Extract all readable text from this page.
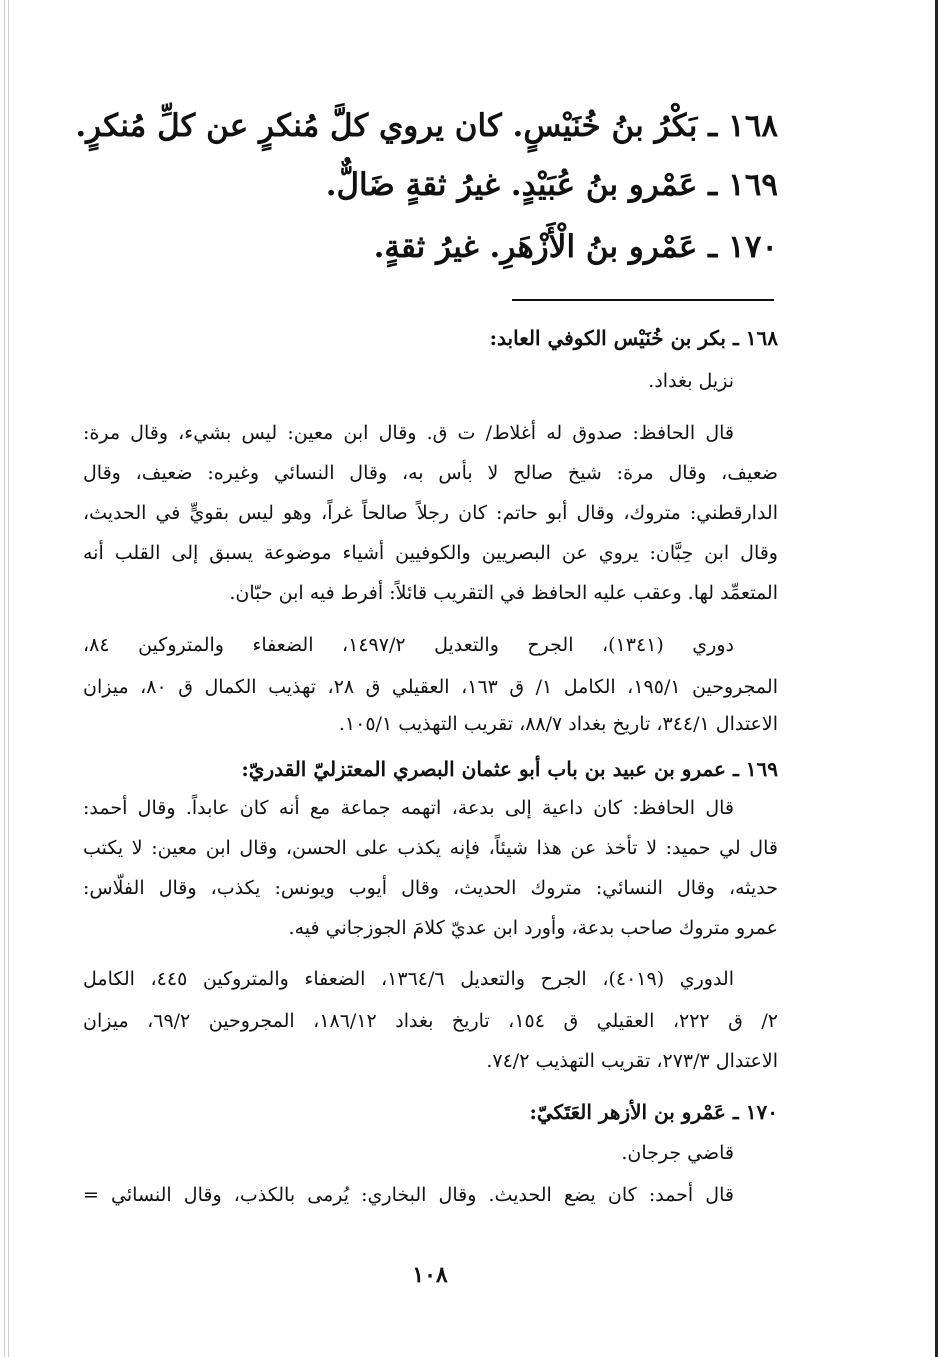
١٦٨ ـ بَكْرُ بنُ خُنَيْسٍ. كان يروي كلَّ مُنكرٍ عن كلِّ مُنكرٍ.
١٦٩ ـ عَمْرو بنُ عُبَيْدٍ. غيرُ ثقةٍ ضَالٌّ.
١٧٠ ـ عَمْرو بنُ الْأَزْهَرِ. غيرُ ثقةٍ.
١٦٨ ـ بكر بن خُنَيْس الكوفي العابد:
نزيل بغداد.
قال الحافظ: صدوق له أغلاط/ ت ق. وقال ابن معين: ليس بشيء، وقال مرة:
ضعيف، وقال مرة: شيخ صالح لا بأس به، وقال النسائي وغيره: ضعيف، وقال
الدارقطني: متروك، وقال أبو حاتم: كان رجلاً صالحاً غراً، وهو ليس بقويٍّ في الحديث،
وقال ابن حِبَّان: يروي عن البصريين والكوفيين أشياء موضوعة يسبق إلى القلب أنه
المتعمِّد لها. وعقب عليه الحافظ في التقريب قائلاً: أفرط فيه ابن حبّان.
دوري (١٣٤١)، الجرح والتعديل ١٤٩٧/٢، الضعفاء والمتروكين ٨٤،
المجروحين ١٩٥/١، الكامل ١/ ق ١٦٣، العقيلي ق ٢٨، تهذيب الكمال ق ٨٠، ميزان
الاعتدال ٣٤٤/١، تاريخ بغداد ٨٨/٧، تقريب التهذيب ١٠٥/١.
١٦٩ ـ عمرو بن عبيد بن باب أبو عثمان البصري المعتزليّ القدريّ:
قال الحافظ: كان داعية إلى بدعة، اتهمه جماعة مع أنه كان عابداً. وقال أحمد:
قال لي حميد: لا تأخذ عن هذا شيئاً، فإنه يكذب على الحسن، وقال ابن معين: لا يكتب
حديثه، وقال النسائي: متروك الحديث، وقال أيوب ويونس: يكذب، وقال الفلّاس:
عمرو متروك صاحب بدعة، وأورد ابن عديّ كلامَ الجوزجاني فيه.
الدوري (٤٠١٩)، الجرح والتعديل ١٣٦٤/٦، الضعفاء والمتروكين ٤٤٥، الكامل
٢/ ق ٢٢٢، العقيلي ق ١٥٤، تاريخ بغداد ١٨٦/١٢، المجروحين ٦٩/٢، ميزان
الاعتدال ٢٧٣/٣، تقريب التهذيب ٧٤/٢.
١٧٠ ـ عَمْرو بن الأزهر العَتَكيّ:
قاضي جرجان.
قال أحمد: كان يضع الحديث. وقال البخاري: يُرمى بالكذب، وقال النسائي =
١٠٨
